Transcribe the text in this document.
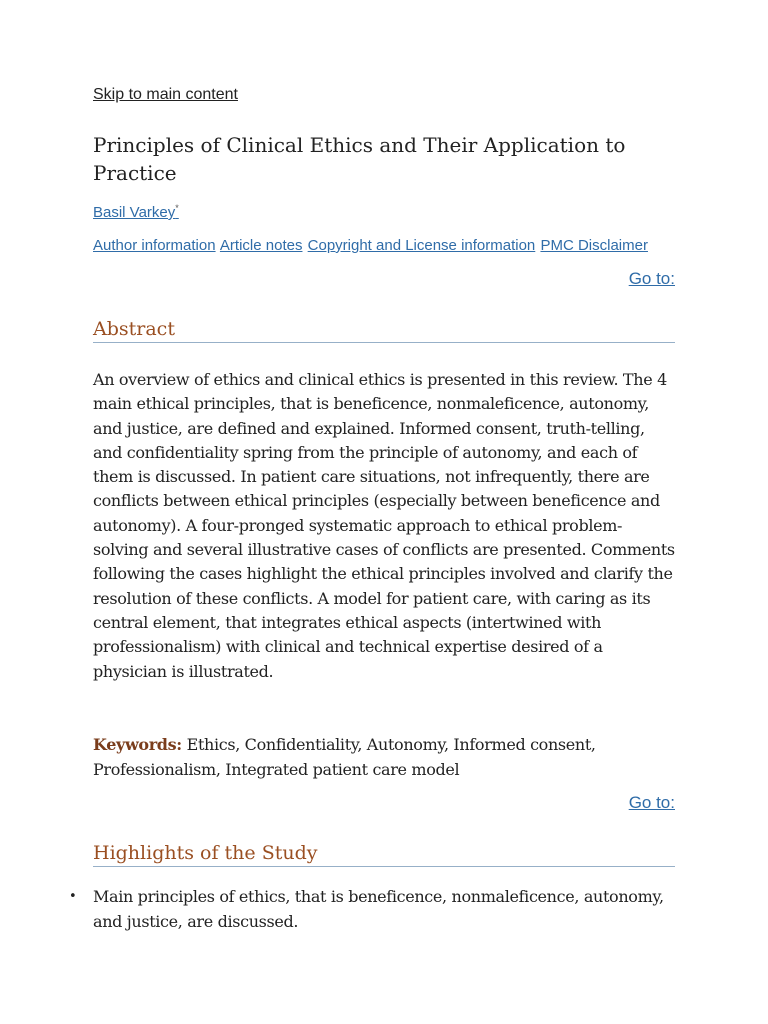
Skip to main content
Principles of Clinical Ethics and Their Application to Practice
Basil Varkey*
Author information Article notes Copyright and License information PMC Disclaimer
Go to:
Abstract

An overview of ethics and clinical ethics is presented in this review. The 4 main ethical principles, that is beneficence, nonmaleficence, autonomy, and justice, are defined and explained. Informed consent, truth-telling, and confidentiality spring from the principle of autonomy, and each of them is discussed. In patient care situations, not infrequently, there are conflicts between ethical principles (especially between beneficence and autonomy). A four-pronged systematic approach to ethical problem-solving and several illustrative cases of conflicts are presented. Comments following the cases highlight the ethical principles involved and clarify the resolution of these conflicts. A model for patient care, with caring as its central element, that integrates ethical aspects (intertwined with professionalism) with clinical and technical expertise desired of a physician is illustrated.

Keywords: Ethics, Confidentiality, Autonomy, Informed consent, Professionalism, Integrated patient care model

Go to:
Highlights of the Study
• Main principles of ethics, that is beneficence, nonmaleficence, autonomy, and justice, are discussed.
